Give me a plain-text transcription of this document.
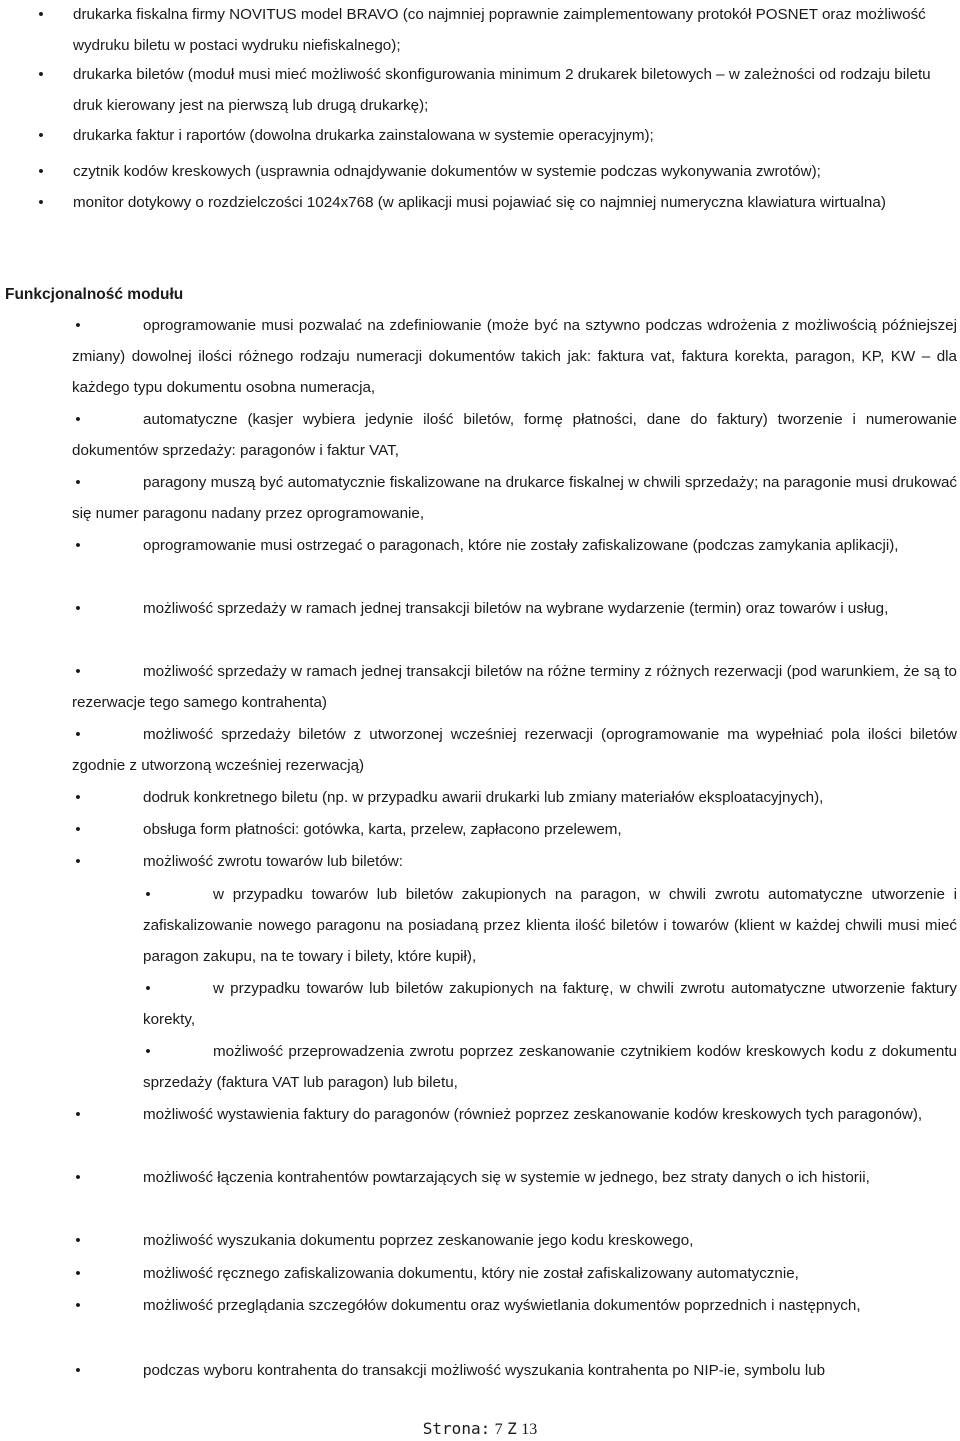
•	drukarka fiskalna firmy NOVITUS model BRAVO (co najmniej poprawnie zaimplementowany protokół POSNET oraz możliwość wydruku biletu w postaci wydruku niefiskalnego);
•	drukarka biletów (moduł musi mieć możliwość skonfigurowania minimum 2 drukarek biletowych – w zależności od rodzaju biletu druk kierowany jest na pierwszą lub drugą drukarkę);
•	drukarka faktur i raportów (dowolna drukarka zainstalowana w systemie operacyjnym);
•	czytnik kodów kreskowych (usprawnia odnajdywanie dokumentów w systemie podczas wykonywania zwrotów);
•	monitor dotykowy o rozdzielczości 1024x768 (w aplikacji musi pojawiać się co najmniej numeryczna klawiatura wirtualna)
Funkcjonalność modułu
•	oprogramowanie musi pozwalać na zdefiniowanie (może być na sztywno podczas wdrożenia z możliwością późniejszej zmiany) dowolnej ilości różnego rodzaju numeracji dokumentów takich jak: faktura vat, faktura korekta, paragon, KP, KW – dla każdego typu dokumentu osobna numeracja,
•	automatyczne (kasjer wybiera jedynie ilość biletów, formę płatności, dane do faktury) tworzenie i numerowanie dokumentów sprzedaży: paragonów i faktur VAT,
•	paragony muszą być automatycznie fiskalizowane na drukarce fiskalnej w chwili sprzedaży; na paragonie musi drukować się numer paragonu nadany przez oprogramowanie,
•	oprogramowanie musi ostrzegać o paragonach, które nie zostały zafiskalizowane (podczas zamykania aplikacji),
•	możliwość sprzedaży w ramach jednej transakcji biletów na wybrane wydarzenie (termin) oraz towarów i usług,
•	możliwość sprzedaży w ramach jednej transakcji biletów na różne terminy z różnych rezerwacji (pod warunkiem, że są to rezerwacje tego samego kontrahenta)
•	możliwość sprzedaży biletów z utworzonej wcześniej rezerwacji (oprogramowanie ma wypełniać pola ilości biletów zgodnie z utworzoną wcześniej rezerwacją)
•	dodruk konkretnego biletu (np. w przypadku awarii drukarki lub zmiany materiałów eksploatacyjnych),
•	obsługa form płatności: gotówka, karta, przelew, zapłacono przelewem,
•	możliwość zwrotu towarów lub biletów:
•	w przypadku towarów lub biletów zakupionych na paragon, w chwili zwrotu automatyczne utworzenie i zafiskalizowanie nowego paragonu na posiadaną przez klienta ilość biletów i towarów (klient w każdej chwili musi mieć paragon zakupu, na te towary i bilety, które kupił),
•	w przypadku towarów lub biletów zakupionych na fakturę, w chwili zwrotu automatyczne utworzenie faktury korekty,
•	możliwość przeprowadzenia zwrotu poprzez zeskanowanie czytnikiem kodów kreskowych kodu z dokumentu sprzedaży (faktura VAT lub paragon) lub biletu,
•	możliwość wystawienia faktury do paragonów (również poprzez zeskanowanie kodów kreskowych tych paragonów),
•	możliwość łączenia kontrahentów powtarzających się w systemie w jednego, bez straty danych o ich historii,
•	możliwość wyszukania dokumentu poprzez zeskanowanie jego kodu kreskowego,
•	możliwość ręcznego zafiskalizowania dokumentu, który nie został zafiskalizowany automatycznie,
•	możliwość przeglądania szczegółów dokumentu oraz wyświetlania dokumentów poprzednich i następnych,
•	podczas wyboru kontrahenta do transakcji możliwość wyszukania kontrahenta po NIP-ie, symbolu lub
Strona: 7 Z 13
